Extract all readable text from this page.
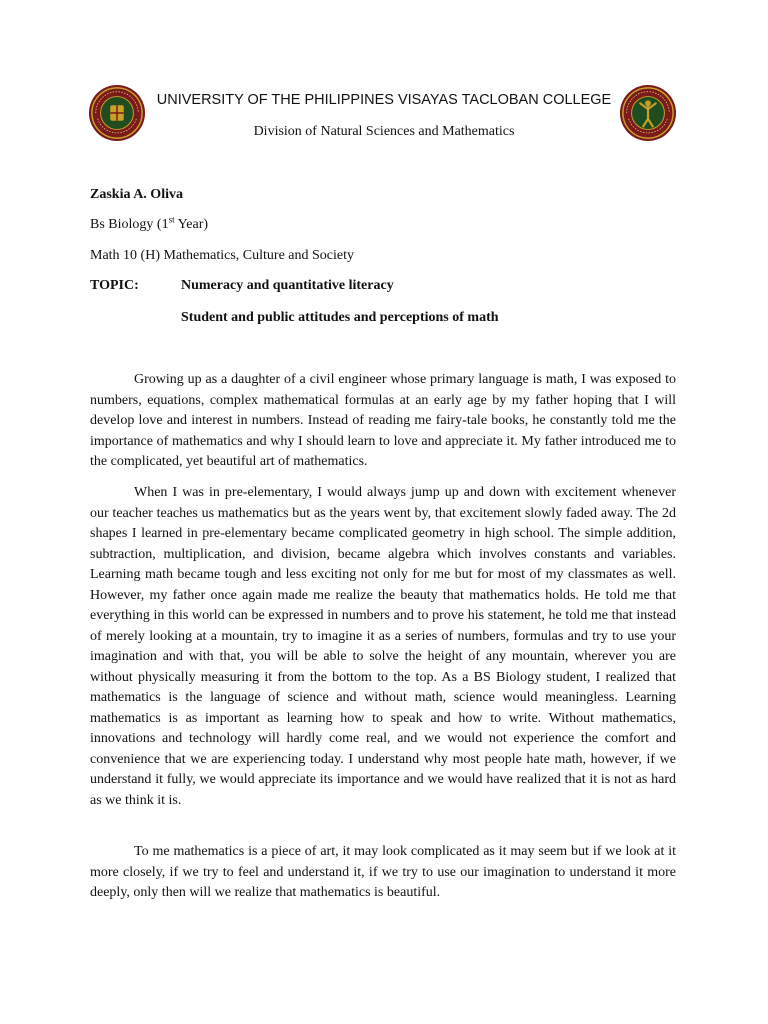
UNIVERSITY OF THE PHILIPPINES VISAYAS TACLOBAN COLLEGE
Division of Natural Sciences and Mathematics
Zaskia A. Oliva
Bs Biology (1st Year)
Math 10 (H) Mathematics, Culture and Society
TOPIC:	Numeracy and quantitative literacy
Student and public attitudes and perceptions of math

Growing up as a daughter of a civil engineer whose primary language is math, I was exposed to numbers, equations, complex mathematical formulas at an early age by my father hoping that I will develop love and interest in numbers. Instead of reading me fairy-tale books, he constantly told me the importance of mathematics and why I should learn to love and appreciate it. My father introduced me to the complicated, yet beautiful art of mathematics.

When I was in pre-elementary, I would always jump up and down with excitement whenever our teacher teaches us mathematics but as the years went by, that excitement slowly faded away. The 2d shapes I learned in pre-elementary became complicated geometry in high school. The simple addition, subtraction, multiplication, and division, became algebra which involves constants and variables. Learning math became tough and less exciting not only for me but for most of my classmates as well. However, my father once again made me realize the beauty that mathematics holds. He told me that everything in this world can be expressed in numbers and to prove his statement, he told me that instead of merely looking at a mountain, try to imagine it as a series of numbers, formulas and try to use your imagination and with that, you will be able to solve the height of any mountain, wherever you are without physically measuring it from the bottom to the top. As a BS Biology student, I realized that mathematics is the language of science and without math, science would meaningless. Learning mathematics is as important as learning how to speak and how to write. Without mathematics, innovations and technology will hardly come real, and we would not experience the comfort and convenience that we are experiencing today. I understand why most people hate math, however, if we understand it fully, we would appreciate its importance and we would have realized that it is not as hard as we think it is.

To me mathematics is a piece of art, it may look complicated as it may seem but if we look at it more closely, if we try to feel and understand it, if we try to use our imagination to understand it more deeply, only then will we realize that mathematics is beautiful.
